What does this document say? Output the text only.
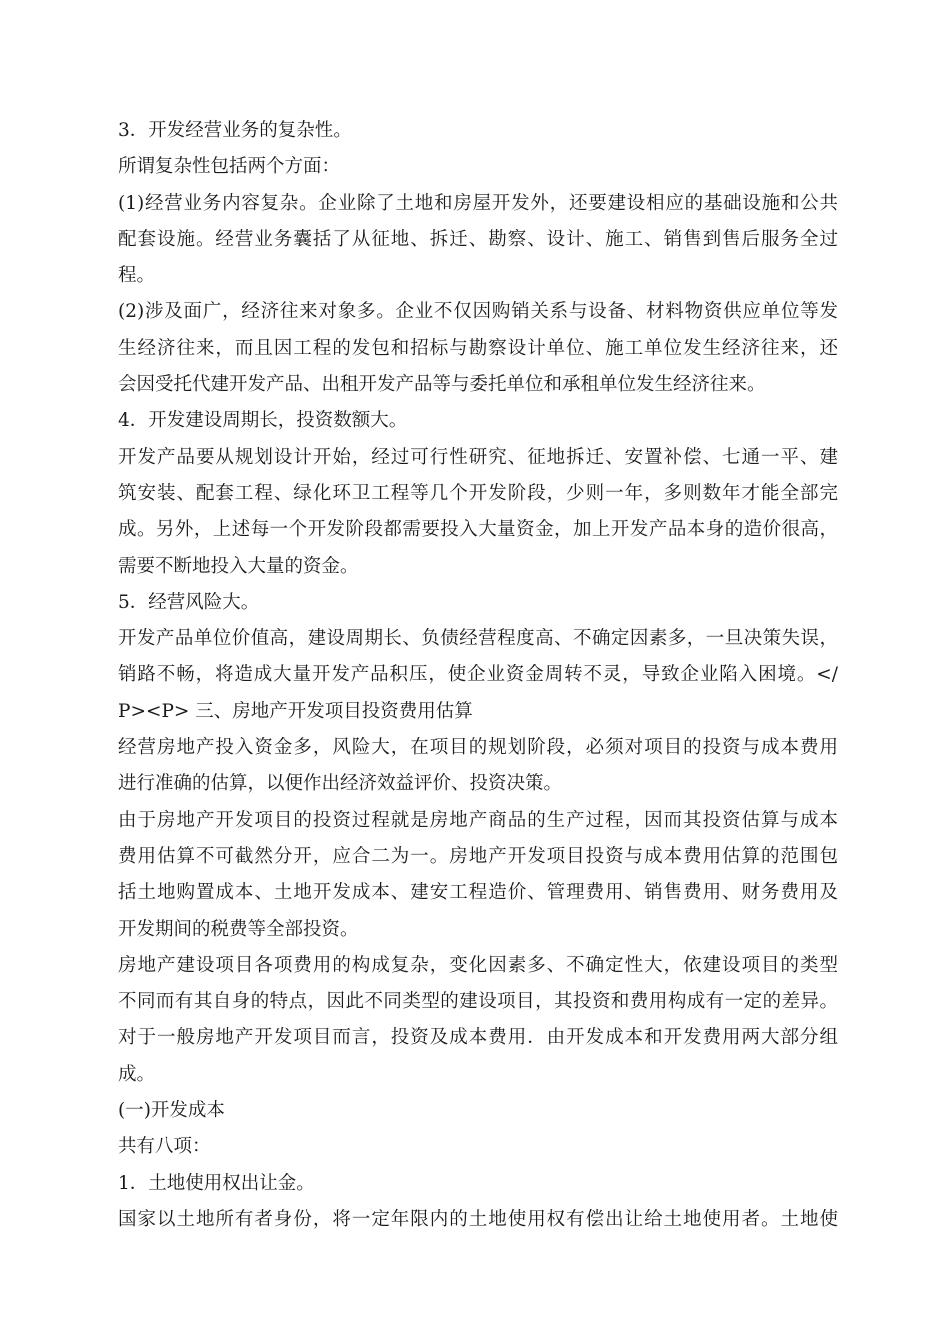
3．开发经营业务的复杂性。
所谓复杂性包括两个方面：
(1)经营业务内容复杂。企业除了土地和房屋开发外，还要建设相应的基础设施和公共
配套设施。经营业务囊括了从征地、拆迁、勘察、设计、施工、销售到售后服务全过
程。
(2)涉及面广，经济往来对象多。企业不仅因购销关系与设备、材料物资供应单位等发
生经济往来，而且因工程的发包和招标与勘察设计单位、施工单位发生经济往来，还
会因受托代建开发产品、出租开发产品等与委托单位和承租单位发生经济往来。
4．开发建设周期长，投资数额大。
开发产品要从规划设计开始，经过可行性研究、征地拆迁、安置补偿、七通一平、建
筑安装、配套工程、绿化环卫工程等几个开发阶段，少则一年，多则数年才能全部完
成。另外，上述每一个开发阶段都需要投入大量资金，加上开发产品本身的造价很高，
需要不断地投入大量的资金。
5．经营风险大。
开发产品单位价值高，建设周期长、负债经营程度高、不确定因素多，一旦决策失误，
销路不畅，将造成大量开发产品积压，使企业资金周转不灵，导致企业陷入困境。</
P><P> 三、房地产开发项目投资费用估算
经营房地产投入资金多，风险大，在项目的规划阶段，必须对项目的投资与成本费用
进行准确的估算，以便作出经济效益评价、投资决策。
由于房地产开发项目的投资过程就是房地产商品的生产过程，因而其投资估算与成本
费用估算不可截然分开，应合二为一。房地产开发项目投资与成本费用估算的范围包
括土地购置成本、土地开发成本、建安工程造价、管理费用、销售费用、财务费用及
开发期间的税费等全部投资。
房地产建设项目各项费用的构成复杂，变化因素多、不确定性大，依建设项目的类型
不同而有其自身的特点，因此不同类型的建设项目，其投资和费用构成有一定的差异。
对于一般房地产开发项目而言，投资及成本费用．由开发成本和开发费用两大部分组
成。
(一)开发成本
共有八项：
1．土地使用权出让金。
国家以土地所有者身份，将一定年限内的土地使用权有偿出让给土地使用者。土地使
